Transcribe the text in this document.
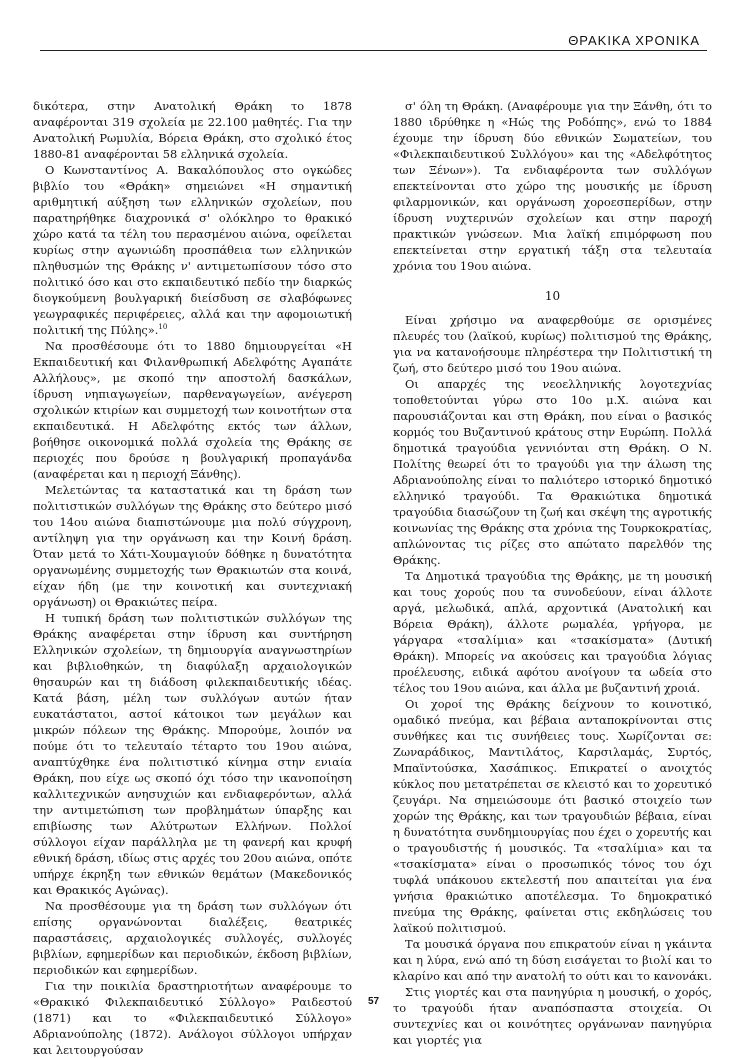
ΘΡΑΚΙΚΑ ΧΡΟΝΙΚΑ

δικότερα, στην Ανατολική Θράκη το 1878 αναφέρονται 319 σχολεία με 22.100 μαθητές. Για την Ανατολική Ρωμυλία, Βόρεια Θράκη, στο σχολικό έτος 1880-81 αναφέρονται 58 ελληνικά σχολεία.

Ο Κωνσταντίνος Α. Βακαλόπουλος στο ογκώδες βιβλίο του «Θράκη» σημειώνει «Η σημαντική αριθμητική αύξηση των ελληνικών σχολείων, που παρατηρήθηκε διαχρονικά σ' ολόκληρο το θρακικό χώρο κατά τα τέλη του περασμένου αιώνα, οφείλεται κυρίως στην αγωνιώδη προσπάθεια των ελληνικών πληθυσμών της Θράκης ν' αντιμετωπίσουν τόσο στο πολιτικό όσο και στο εκπαιδευτικό πεδίο την διαρκώς διογκούμενη βουλγαρική διείσδυση σε σλαβόφωνες γεωγραφικές περιφέρειες, αλλά και την αφομοιωτική πολιτική της Πύλης».$^{10}$

Να προσθέσουμε ότι το 1880 δημιουργείται «Η Εκπαιδευτική και Φιλανθρωπική Αδελφότης Αγαπάτε Αλλήλους», με σκοπό την αποστολή δασκάλων, ίδρυση νηπιαγωγείων, παρθεναγωγείων, ανέγερση σχολικών κτιρίων και συμμετοχή των κοινοτήτων στα εκπαιδευτικά. Η Αδελφότης εκτός των άλλων, βοήθησε οικονομικά πολλά σχολεία της Θράκης σε περιοχές που δρούσε η βουλγαρική προπαγάνδα (αναφέρεται και η περιοχή Ξάνθης).

Μελετώντας τα καταστατικά και τη δράση των πολιτιστικών συλλόγων της Θράκης στο δεύτερο μισό του 14ου αιώνα διαπιστώνουμε μια πολύ σύγχρονη, αντίληψη για την οργάνωση και την Κοινή δράση. Όταν μετά το Χάτι-Χουμαγιούν δόθηκε η δυνατότητα οργανωμένης συμμετοχής των Θρακιωτών στα κοινά, είχαν ήδη (με την κοινοτική και συντεχνιακή οργάνωση) οι Θρακιώτες πείρα.

Η τυπική δράση των πολιτιστικών συλλόγων της Θράκης αναφέρεται στην ίδρυση και συντήρηση Ελληνικών σχολείων, τη δημιουργία αναγνωστηρίων και βιβλιοθηκών, τη διαφύλαξη αρχαιολογικών θησαυρών και τη διάδοση φιλεκπαιδευτικής ιδέας. Κατά βάση, μέλη των συλλόγων αυτών ήταν ευκατάστατοι, αστοί κάτοικοι των μεγάλων και μικρών πόλεων της Θράκης. Μπορούμε, λοιπόν να πούμε ότι το τελευταίο τέταρτο του 19ου αιώνα, αναπτύχθηκε ένα πολιτιστικό κίνημα στην ενιαία Θράκη, που είχε ως σκοπό όχι τόσο την ικανοποίηση καλλιτεχνικών ανησυχιών και ενδιαφερόντων, αλλά την αντιμετώπιση των προβλημάτων ύπαρξης και επιβίωσης των Αλύτρωτων Ελλήνων. Πολλοί σύλλογοι είχαν παράλληλα με τη φανερή και κρυφή εθνική δράση, ιδίως στις αρχές του 20ου αιώνα, οπότε υπήρχε έκρηξη των εθνικών θεμάτων (Μακεδονικός και Θρακικός Αγώνας).

Να προσθέσουμε για τη δράση των συλλόγων ότι επίσης οργανώνονται διαλέξεις, θεατρικές παραστάσεις, αρχαιολογικές συλλογές, συλλογές βιβλίων, εφημερίδων και περιοδικών, έκδοση βιβλίων, περιοδικών και εφημερίδων.

Για την ποικιλία δραστηριοτήτων αναφέρουμε το «Θρακικό Φιλεκπαιδευτικό Σύλλογο» Ραιδεστού (1871) και το «Φιλεκπαιδευτικό Σύλλογο» Αδριανούπολης (1872). Ανάλογοι σύλλογοι υπήρχαν και λειτουργούσαν

σ' όλη τη Θράκη. (Αναφέρουμε για την Ξάνθη, ότι το 1880 ιδρύθηκε η «Ηώς της Ροδόπης», ενώ το 1884 έχουμε την ίδρυση δύο εθνικών Σωματείων, του «Φιλεκπαιδευτικού Συλλόγου» και της «Αδελφότητος των Ξένων»). Τα ενδιαφέροντα των συλλόγων επεκτείνονται στο χώρο της μουσικής με ίδρυση φιλαρμονικών, και οργάνωση χοροεσπερίδων, στην ίδρυση νυχτερινών σχολείων και στην παροχή πρακτικών γνώσεων. Μια λαϊκή επιμόρφωση που επεκτείνεται στην εργατική τάξη στα τελευταία χρόνια του 19ου αιώνα.

10

Είναι χρήσιμο να αναφερθούμε σε ορισμένες πλευρές του (λαϊκού, κυρίως) πολιτισμού της Θράκης, για να κατανοήσουμε πληρέστερα την Πολιτιστική τη ζωή, στο δεύτερο μισό του 19ου αιώνα.

Οι απαρχές της νεοελληνικής λογοτεχνίας τοποθετούνται γύρω στο 10ο μ.Χ. αιώνα και παρουσιάζονται και στη Θράκη, που είναι ο βασικός κορμός του Βυζαντινού κράτους στην Ευρώπη. Πολλά δημοτικά τραγούδια γεννιόνται στη Θράκη. Ο Ν. Πολίτης θεωρεί ότι το τραγούδι για την άλωση της Αδριανούπολης είναι το παλιότερο ιστορικό δημοτικό ελληνικό τραγούδι. Τα Θρακιώτικα δημοτικά τραγούδια διασώζουν τη ζωή και σκέψη της αγροτικής κοινωνίας της Θράκης στα χρόνια της Τουρκοκρατίας, απλώνοντας τις ρίζες στο απώτατο παρελθόν της Θράκης.

Τα Δημοτικά τραγούδια της Θράκης, με τη μουσική και τους χορούς που τα συνοδεύουν, είναι άλλοτε αργά, μελωδικά, απλά, αρχοντικά (Ανατολική και Βόρεια Θράκη), άλλοτε ρωμαλέα, γρήγορα, με γάργαρα «τσαλίμια» και «τσακίσματα» (Δυτική Θράκη). Μπορείς να ακούσεις και τραγούδια λόγιας προέλευσης, ειδικά αφότου ανοίγουν τα ωδεία στο τέλος του 19ου αιώνα, και άλλα με βυζαντινή χροιά.

Οι χοροί της Θράκης δείχνουν το κοινοτικό, ομαδικό πνεύμα, και βέβαια ανταποκρίνονται στις συνθήκες και τις συνήθειες τους. Χωρίζονται σε: Ζωναράδικος, Μαντιλάτος, Καρσιλαμάς, Συρτός, Μπαϊντούσκα, Χασάπικος. Επικρατεί ο ανοιχτός κύκλος που μετατρέπεται σε κλειστό και το χορευτικό ζευγάρι. Να σημειώσουμε ότι βασικό στοιχείο των χορών της Θράκης, και των τραγουδιών βέβαια, είναι η δυνατότητα συνδημιουργίας που έχει ο χορευτής και ο τραγουδιστής ή μουσικός. Τα «τσαλίμια» και τα «τσακίσματα» είναι ο προσωπικός τόνος του όχι τυφλά υπάκουου εκτελεστή που απαιτείται για ένα γνήσια θρακιώτικο αποτέλεσμα. Το δημοκρατικό πνεύμα της Θράκης, φαίνεται στις εκδηλώσεις του λαϊκού πολιτισμού.

Τα μουσικά όργανα που επικρατούν είναι η γκάιντα και η λύρα, ενώ από τη δύση εισάγεται το βιολί και το κλαρίνο και από την ανατολή το ούτι και το κανονάκι.

Στις γιορτές και στα πανηγύρια η μουσική, ο χορός, το τραγούδι ήταν αναπόσπαστα στοιχεία. Οι συντεχνίες και οι κοινότητες οργάνωναν πανηγύρια και γιορτές για

57
